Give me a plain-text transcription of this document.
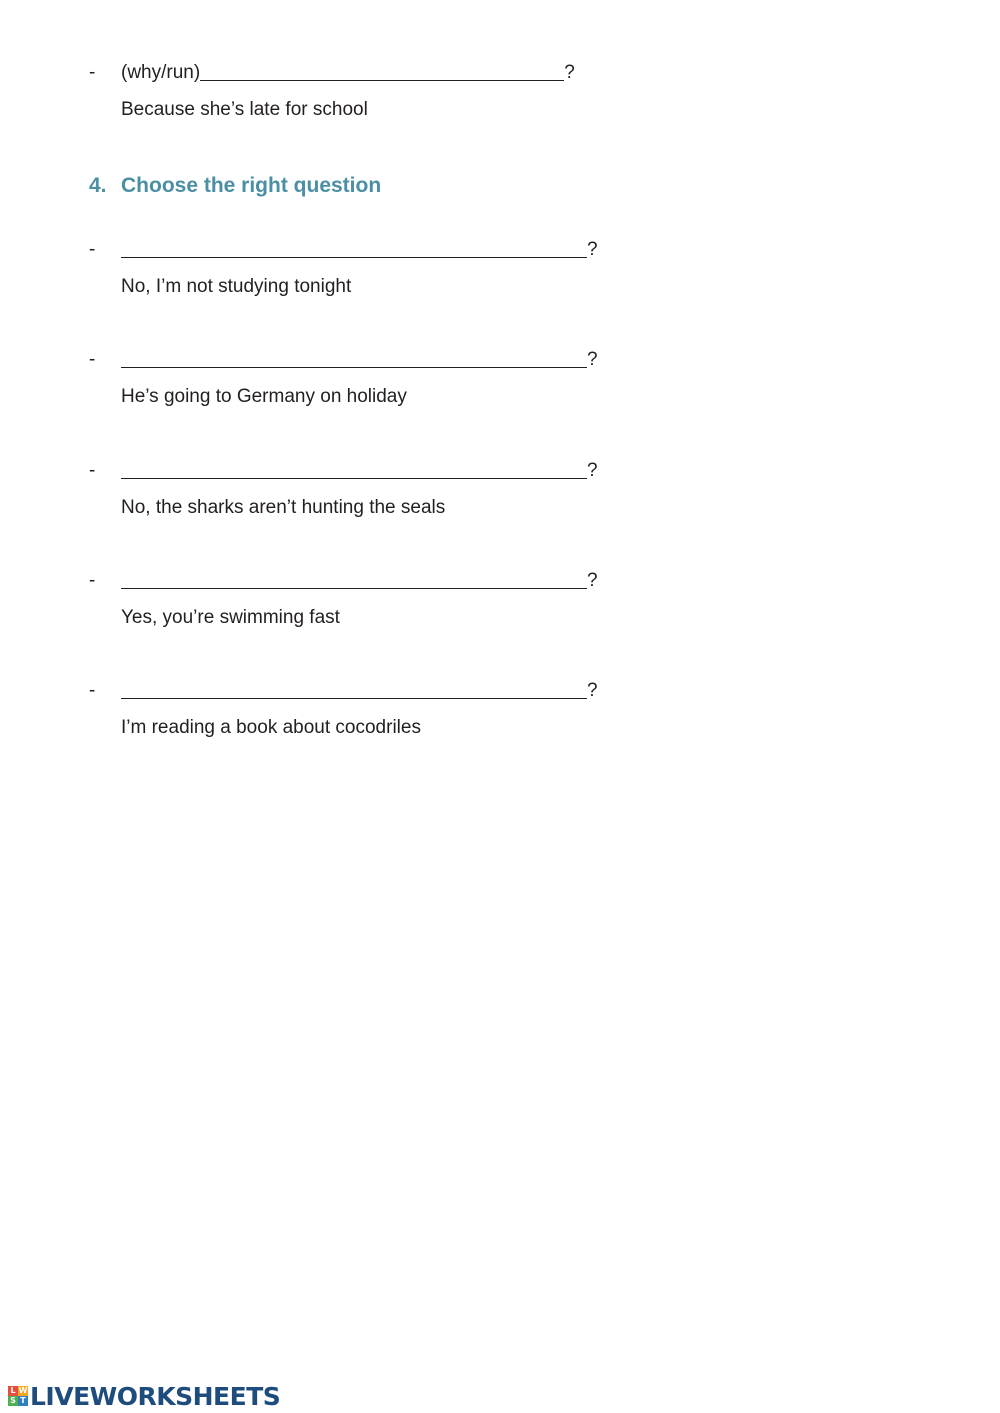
- (why/run)	?
Because she’s late for school
4. Choose the right question
-	?
No, I’m not studying tonight
-	?
He’s going to Germany on holiday
-	?
No, the sharks aren’t hunting the seals
-	?
Yes, you’re swimming fast
-	?
I’m reading a book about cocodriles
L W
S T LIVEWORKSHEETS
